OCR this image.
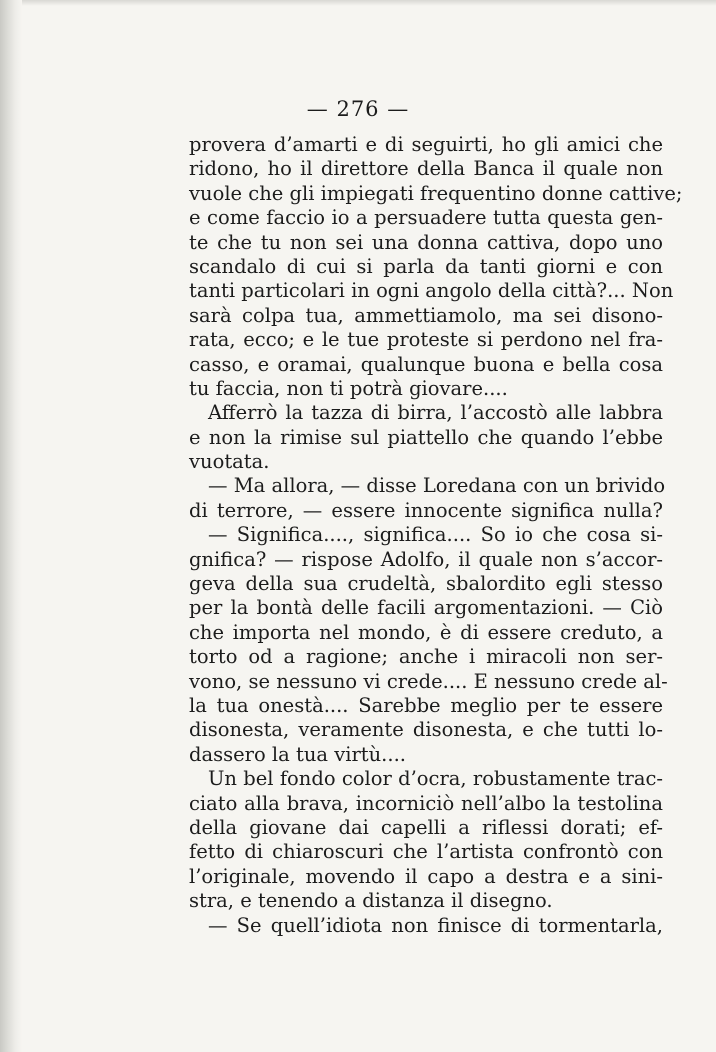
— 276 —
provera d’amarti e di seguirti, ho gli amici che
ridono, ho il direttore della Banca il quale non
vuole che gli impiegati frequentino donne cattive;
e come faccio io a persuadere tutta questa gen-
te che tu non sei una donna cattiva, dopo uno
scandalo di cui si parla da tanti giorni e con
tanti particolari in ogni angolo della città?... Non
sarà colpa tua, ammettiamolo, ma sei disono-
rata, ecco; e le tue proteste si perdono nel fra-
casso, e oramai, qualunque buona e bella cosa
tu faccia, non ti potrà giovare....
Afferrò la tazza di birra, l’accostò alle labbra
e non la rimise sul piattello che quando l’ebbe
vuotata.
— Ma allora, — disse Loredana con un brivido
di terrore, — essere innocente significa nulla?
— Significa...., significa.... So io che cosa si-
gnifica? — rispose Adolfo, il quale non s’accor-
geva della sua crudeltà, sbalordito egli stesso
per la bontà delle facili argomentazioni. — Ciò
che importa nel mondo, è di essere creduto, a
torto od a ragione; anche i miracoli non ser-
vono, se nessuno vi crede.... E nessuno crede al-
la tua onestà.... Sarebbe meglio per te essere
disonesta, veramente disonesta, e che tutti lo-
dassero la tua virtù....
Un bel fondo color d’ocra, robustamente trac-
ciato alla brava, incorniciò nell’albo la testolina
della giovane dai capelli a riflessi dorati; ef-
fetto di chiaroscuri che l’artista confrontò con
l’originale, movendo il capo a destra e a sini-
stra, e tenendo a distanza il disegno.
— Se quell’idiota non finisce di tormentarla,
